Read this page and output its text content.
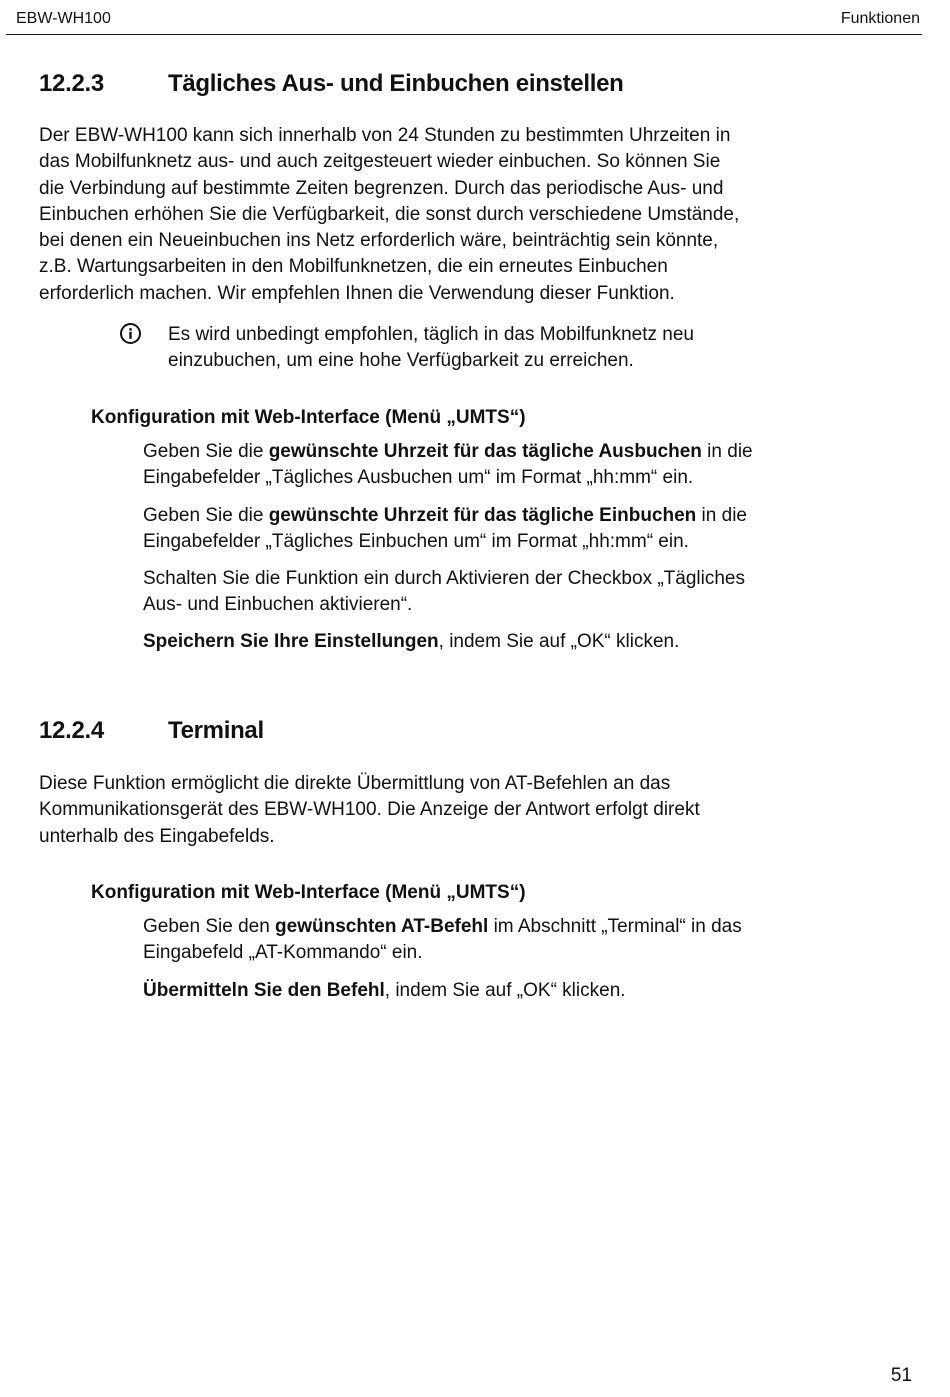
EBW-WH100	Funktionen
12.2.3	Tägliches Aus- und Einbuchen einstellen
Der EBW-WH100 kann sich innerhalb von 24 Stunden zu bestimmten Uhrzeiten in
das Mobilfunknetz aus- und auch zeitgesteuert wieder einbuchen. So können Sie
die Verbindung auf bestimmte Zeiten begrenzen. Durch das periodische Aus- und
Einbuchen erhöhen Sie die Verfügbarkeit, die sonst durch verschiedene Umstände,
bei denen ein Neueinbuchen ins Netz erforderlich wäre, beinträchtig sein könnte,
z.B. Wartungsarbeiten in den Mobilfunknetzen, die ein erneutes Einbuchen
erforderlich machen. Wir empfehlen Ihnen die Verwendung dieser Funktion.
Es wird unbedingt empfohlen, täglich in das Mobilfunknetz neu
einzubuchen, um eine hohe Verfügbarkeit zu erreichen.
Konfiguration mit Web-Interface (Menü „UMTS“)
Geben Sie die gewünschte Uhrzeit für das tägliche Ausbuchen in die
Eingabefelder „Tägliches Ausbuchen um“ im Format „hh:mm“ ein.
Geben Sie die gewünschte Uhrzeit für das tägliche Einbuchen in die
Eingabefelder „Tägliches Einbuchen um“ im Format „hh:mm“ ein.
Schalten Sie die Funktion ein durch Aktivieren der Checkbox „Tägliches
Aus- und Einbuchen aktivieren“.
Speichern Sie Ihre Einstellungen, indem Sie auf „OK“ klicken.
12.2.4	Terminal
Diese Funktion ermöglicht die direkte Übermittlung von AT-Befehlen an das
Kommunikationsgerät des EBW-WH100. Die Anzeige der Antwort erfolgt direkt
unterhalb des Eingabefelds.
Konfiguration mit Web-Interface (Menü „UMTS“)
Geben Sie den gewünschten AT-Befehl im Abschnitt „Terminal“ in das
Eingabefeld „AT-Kommando“ ein.
Übermitteln Sie den Befehl, indem Sie auf „OK“ klicken.
51
